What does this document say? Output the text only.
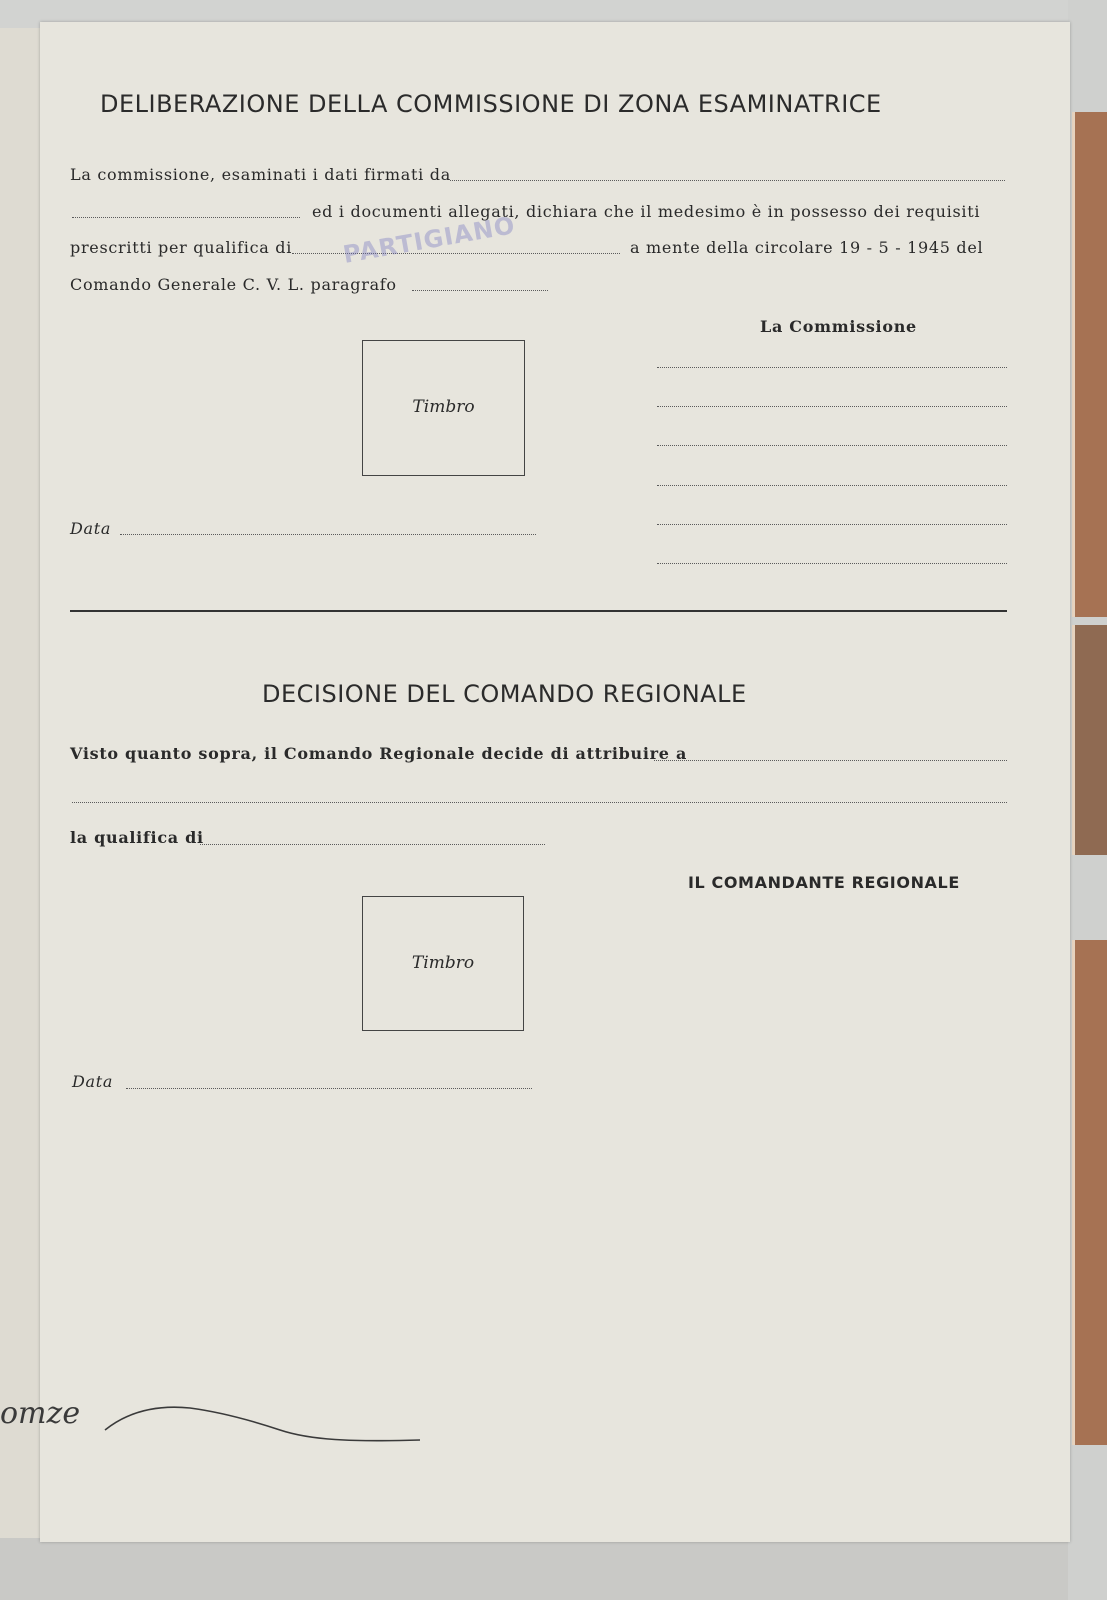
DELIBERAZIONE DELLA COMMISSIONE DI ZONA ESAMINATRICE
La commissione, esaminati i dati firmati da
ed i documenti allegati, dichiara che il medesimo è in possesso dei requisiti
prescritti per qualifica di PARTIGIANO	a mente della circolare 19 - 5 - 1945 del
Comando Generale C. V. L. paragrafo
La Commissione
Timbro
Data
DECISIONE DEL COMANDO REGIONALE
Visto quanto sopra, il Comando Regionale decide di attribuire a
la qualifica di
IL COMANDANTE REGIONALE
Timbro
Data
omze
